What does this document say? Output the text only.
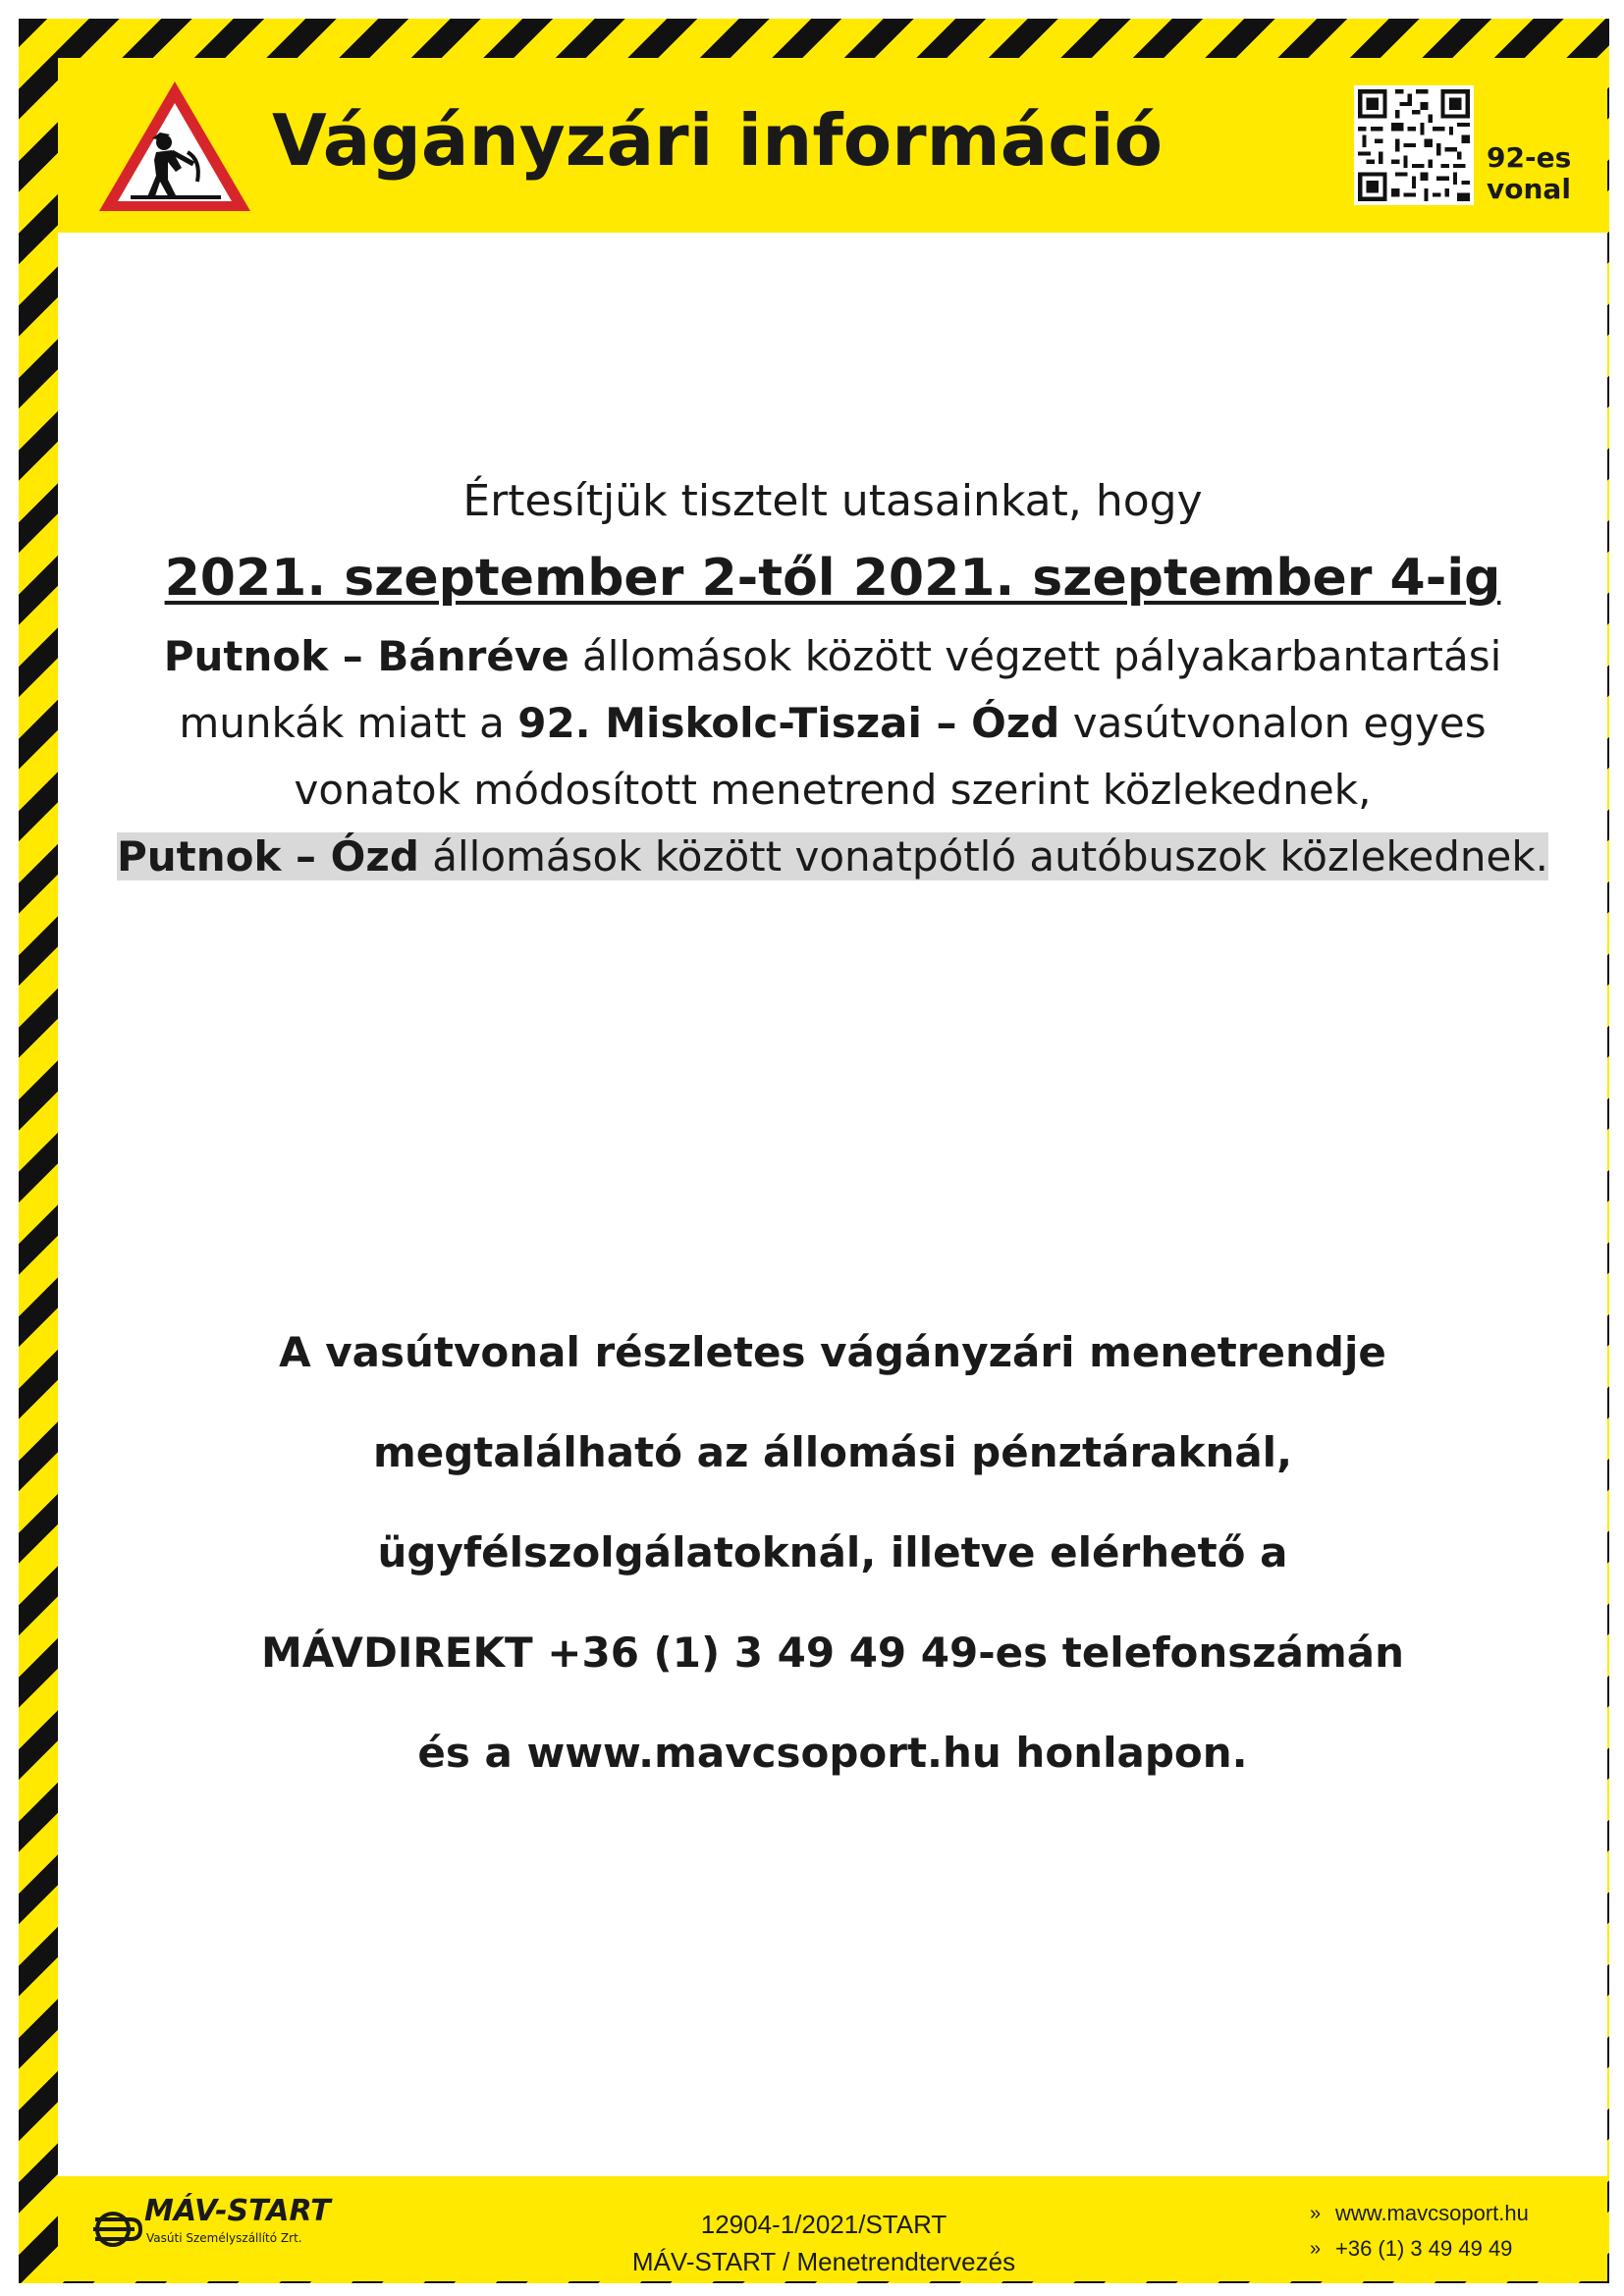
Vágányzári információ	92-es
vonal
Értesítjük tisztelt utasainkat, hogy
2021. szeptember 2-től 2021. szeptember 4-ig
Putnok – Bánréve állomások között végzett pályakarbantartási munkák miatt a 92. Miskolc-Tiszai – Ózd vasútvonalon egyes vonatok módosított menetrend szerint közlekednek,
Putnok – Ózd állomások között vonatpótló autóbuszok közlekednek.

A vasútvonal részletes vágányzári menetrendje

megtalálható az állomási pénztáraknál,

ügyfélszolgálatoknál, illetve elérhető a

MÁVDIREKT +36 (1) 3 49 49 49-es telefonszámán

és a www.mavcsoport.hu honlapon.

MÁV-START
Vasúti Személyszállító Zrt.	12904-1/2021/START
MÁV-START / Menetrendtervezés
» www.mavcsoport.hu
» +36 (1) 3 49 49 49
